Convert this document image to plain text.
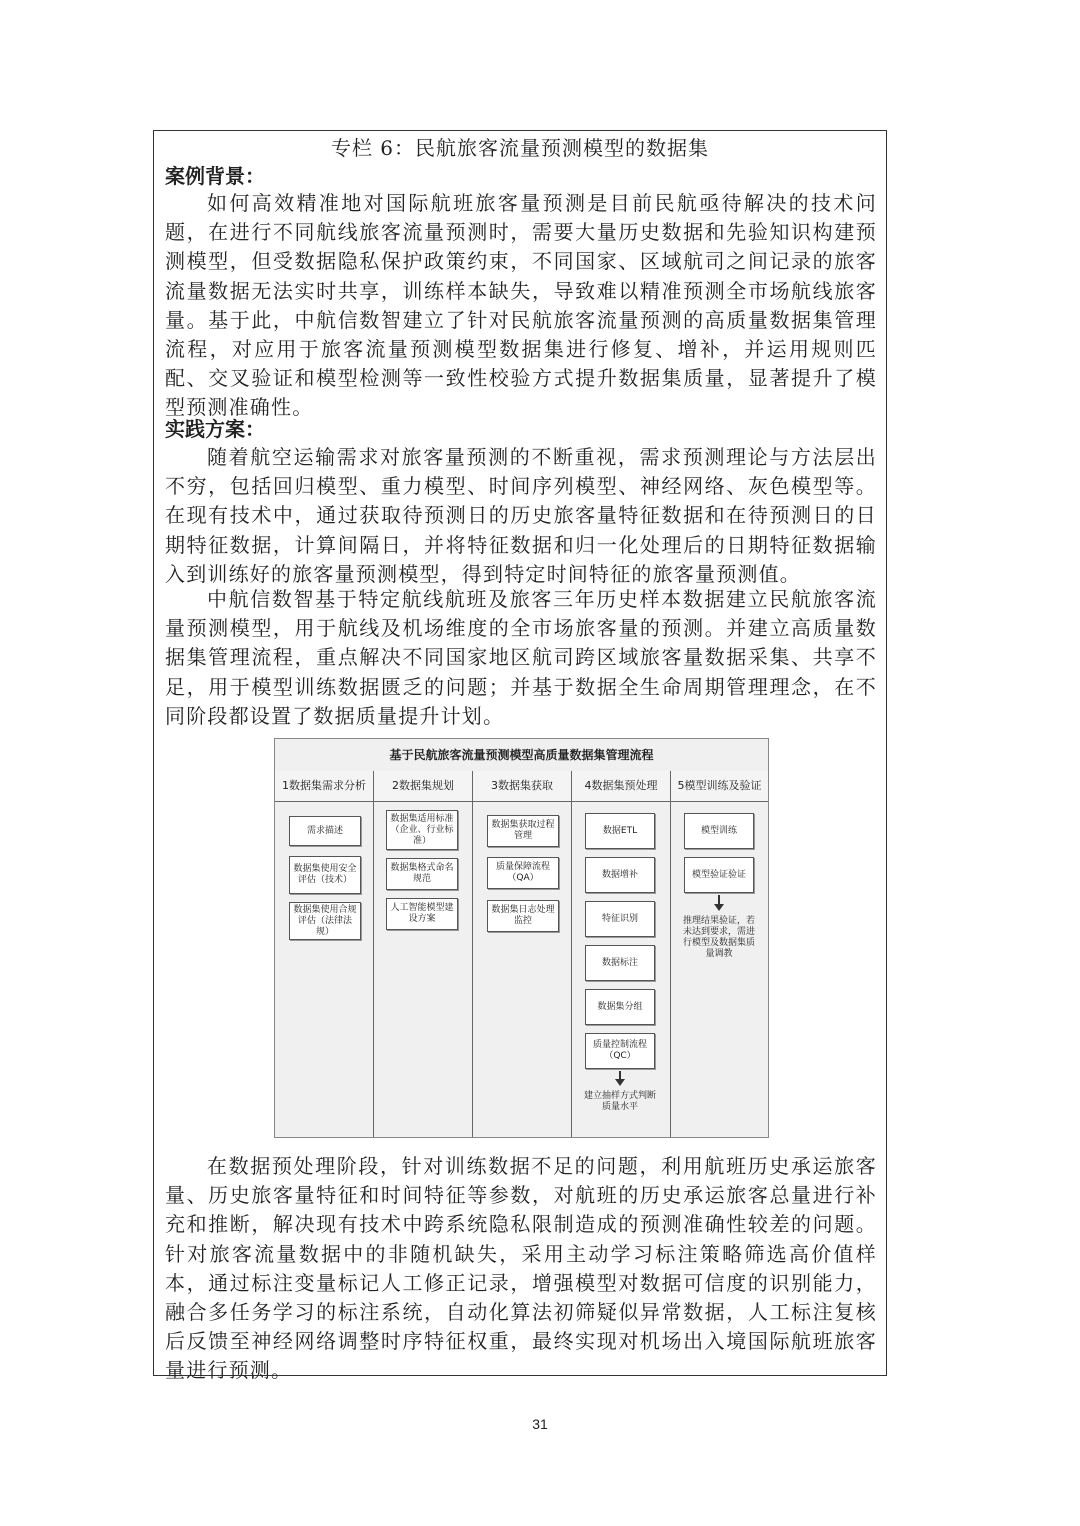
专栏 6：民航旅客流量预测模型的数据集
案例背景：

如何高效精准地对国际航班旅客量预测是目前民航亟待解决的技术问题，在进行不同航线旅客流量预测时，需要大量历史数据和先验知识构建预测模型，但受数据隐私保护政策约束，不同国家、区域航司之间记录的旅客流量数据无法实时共享，训练样本缺失，导致难以精准预测全市场航线旅客量。基于此，中航信数智建立了针对民航旅客流量预测的高质量数据集管理流程，对应用于旅客流量预测模型数据集进行修复、增补，并运用规则匹配、交叉验证和模型检测等一致性校验方式提升数据集质量，显著提升了模型预测准确性。

实践方案：

随着航空运输需求对旅客量预测的不断重视，需求预测理论与方法层出不穷，包括回归模型、重力模型、时间序列模型、神经网络、灰色模型等。在现有技术中，通过获取待预测日的历史旅客量特征数据和在待预测日的日期特征数据，计算间隔日，并将特征数据和归一化处理后的日期特征数据输入到训练好的旅客量预测模型，得到特定时间特征的旅客量预测值。

中航信数智基于特定航线航班及旅客三年历史样本数据建立民航旅客流量预测模型，用于航线及机场维度的全市场旅客量的预测。并建立高质量数据集管理流程，重点解决不同国家地区航司跨区域旅客量数据采集、共享不足，用于模型训练数据匮乏的问题；并基于数据全生命周期管理理念，在不同阶段都设置了数据质量提升计划。

基于民航旅客流量预测模型高质量数据集管理流程
1数据集需求分析
需求描述
数据集使用安全评估（技术）
数据集使用合规评估（法律法规）
2数据集规划
数据集适用标准（企业、行业标准）
数据集格式命名规范
人工智能模型建设方案
3数据集获取
数据集获取过程管理
质量保障流程（QA）
数据集日志处理监控
4数据集预处理
数据ETL
数据增补
特征识别
数据标注
数据集分组
质量控制流程（QC）
建立抽样方式判断质量水平
5模型训练及验证
模型训练
模型验证验证
推理结果验证，若未达到要求，需进行模型及数据集质量调教

在数据预处理阶段，针对训练数据不足的问题，利用航班历史承运旅客量、历史旅客量特征和时间特征等参数，对航班的历史承运旅客总量进行补充和推断，解决现有技术中跨系统隐私限制造成的预测准确性较差的问题。针对旅客流量数据中的非随机缺失，采用主动学习标注策略筛选高价值样本，通过标注变量标记人工修正记录，增强模型对数据可信度的识别能力，融合多任务学习的标注系统，自动化算法初筛疑似异常数据，人工标注复核后反馈至神经网络调整时序特征权重，最终实现对机场出入境国际航班旅客量进行预测。

31
